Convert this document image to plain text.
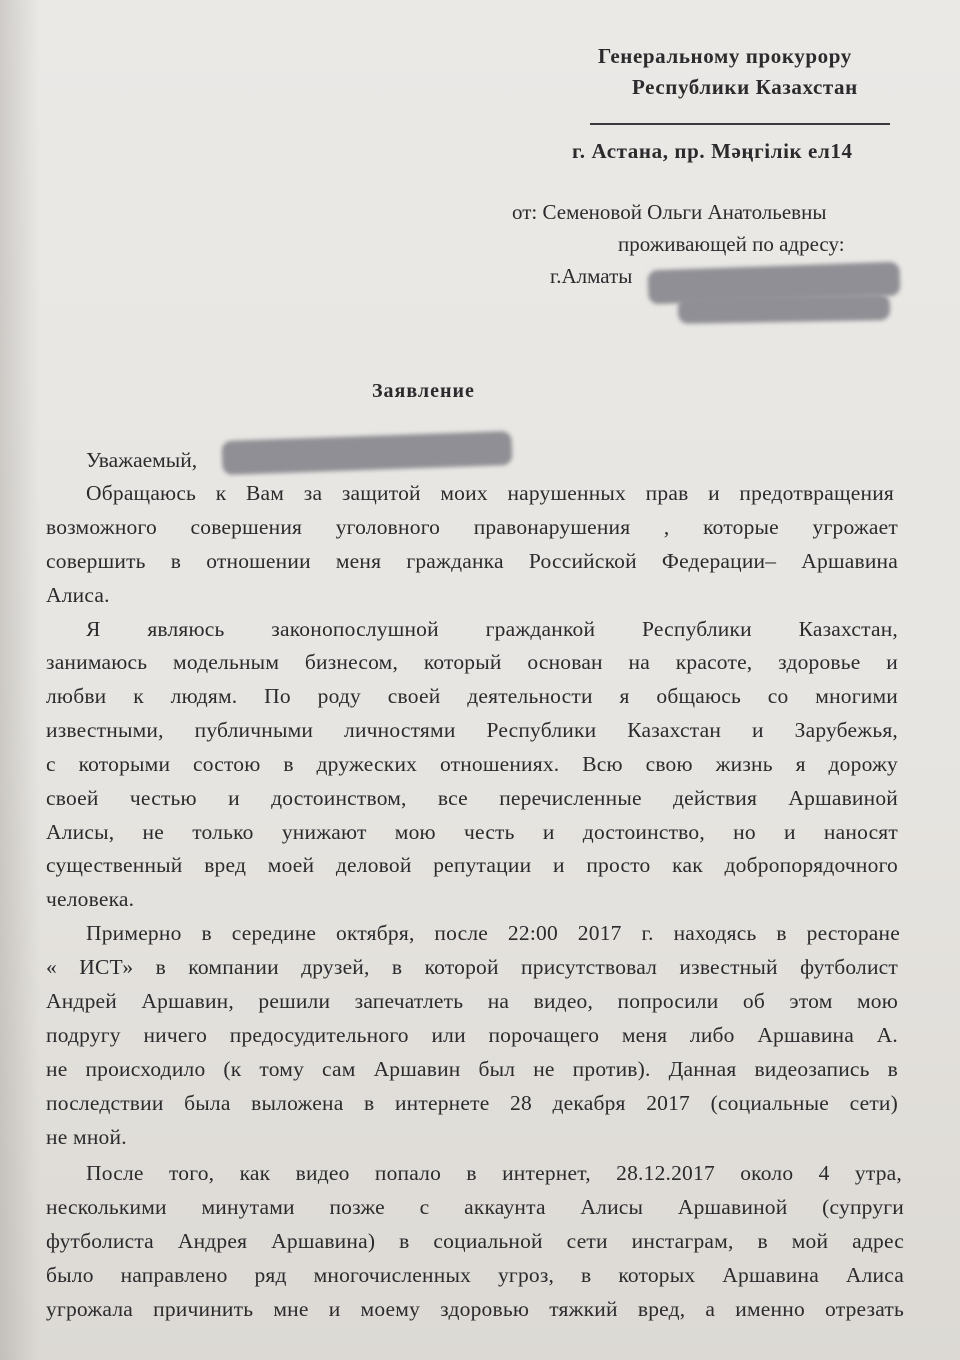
Генеральному прокурору
Республики Казахстан
г. Астана, пр. Мәңгілік ел14
от: Семеновой Ольги Анатольевны
проживающей по адресу:
г.Алматы
Заявление
Уважаемый,
Обращаюсь к Вам за защитой моих нарушенных прав и предотвращения
возможного совершения уголовного правонарушения , которые угрожает
совершить в отношении меня гражданка Российской Федерации– Аршавина
Алиса.
Я являюсь законопослушной гражданкой Республики Казахстан,
занимаюсь модельным бизнесом, который основан на красоте, здоровье и
любви к людям. По роду своей деятельности я общаюсь со многими
известными, публичными личностями Республики Казахстан и Зарубежья,
с которыми состою в дружеских отношениях. Всю свою жизнь я дорожу
своей честью и достоинством, все перечисленные действия Аршавиной
Алисы, не только унижают мою честь и достоинство, но и наносят
существенный вред моей деловой репутации и просто как добропорядочного
человека.
Примерно в середине октября, после 22:00 2017 г. находясь в ресторане
« ИСТ» в компании друзей, в которой присутствовал известный футболист
Андрей Аршавин, решили запечатлеть на видео, попросили об этом мою
подругу ничего предосудительного или порочащего меня либо Аршавина А.
не происходило (к тому сам Аршавин был не против). Данная видеозапись в
последствии была выложена в интернете 28 декабря 2017 (социальные сети)
не мной.
После того, как видео попало в интернет, 28.12.2017 около 4 утра,
несколькими минутами позже с аккаунта Алисы Аршавиной (супруги
футболиста Андрея Аршавина) в социальной сети инстаграм, в мой адрес
было направлено ряд многочисленных угроз, в которых Аршавина Алиса
угрожала причинить мне и моему здоровью тяжкий вред, а именно отрезать
